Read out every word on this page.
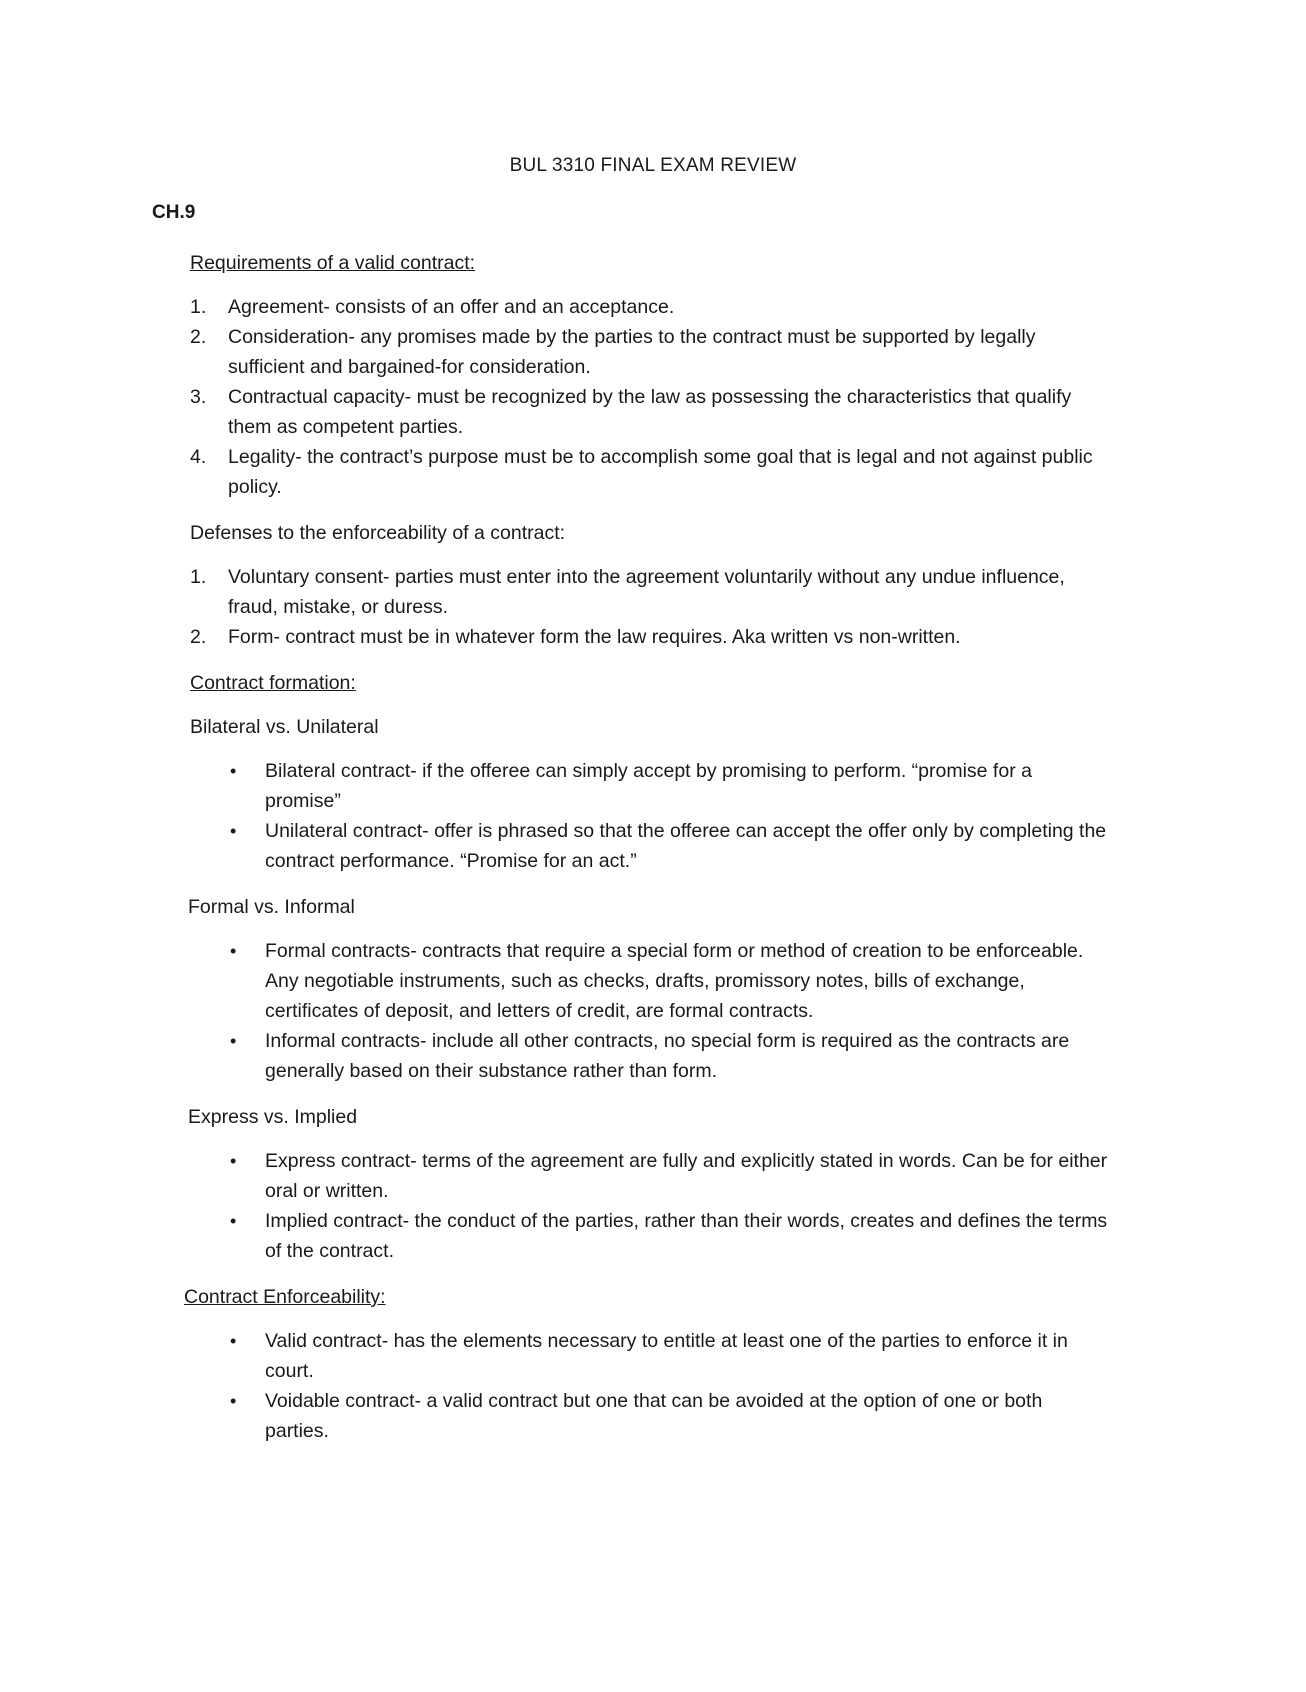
BUL 3310 FINAL EXAM REVIEW
CH.9
Requirements of a valid contract:
1. Agreement- consists of an offer and an acceptance.
2. Consideration- any promises made by the parties to the contract must be supported by legally sufficient and bargained-for consideration.
3. Contractual capacity- must be recognized by the law as possessing the characteristics that qualify them as competent parties.
4. Legality- the contract’s purpose must be to accomplish some goal that is legal and not against public policy.
Defenses to the enforceability of a contract:
1. Voluntary consent- parties must enter into the agreement voluntarily without any undue influence, fraud, mistake, or duress.
2. Form- contract must be in whatever form the law requires. Aka written vs non-written.
Contract formation:
Bilateral vs. Unilateral
• Bilateral contract- if the offeree can simply accept by promising to perform. “promise for a promise”
• Unilateral contract- offer is phrased so that the offeree can accept the offer only by completing the contract performance. “Promise for an act.”
Formal vs. Informal
• Formal contracts- contracts that require a special form or method of creation to be enforceable. Any negotiable instruments, such as checks, drafts, promissory notes, bills of exchange, certificates of deposit, and letters of credit, are formal contracts.
• Informal contracts- include all other contracts, no special form is required as the contracts are generally based on their substance rather than form.
Express vs. Implied
• Express contract- terms of the agreement are fully and explicitly stated in words. Can be for either oral or written.
• Implied contract- the conduct of the parties, rather than their words, creates and defines the terms of the contract.
Contract Enforceability:
• Valid contract- has the elements necessary to entitle at least one of the parties to enforce it in court.
• Voidable contract- a valid contract but one that can be avoided at the option of one or both parties.
